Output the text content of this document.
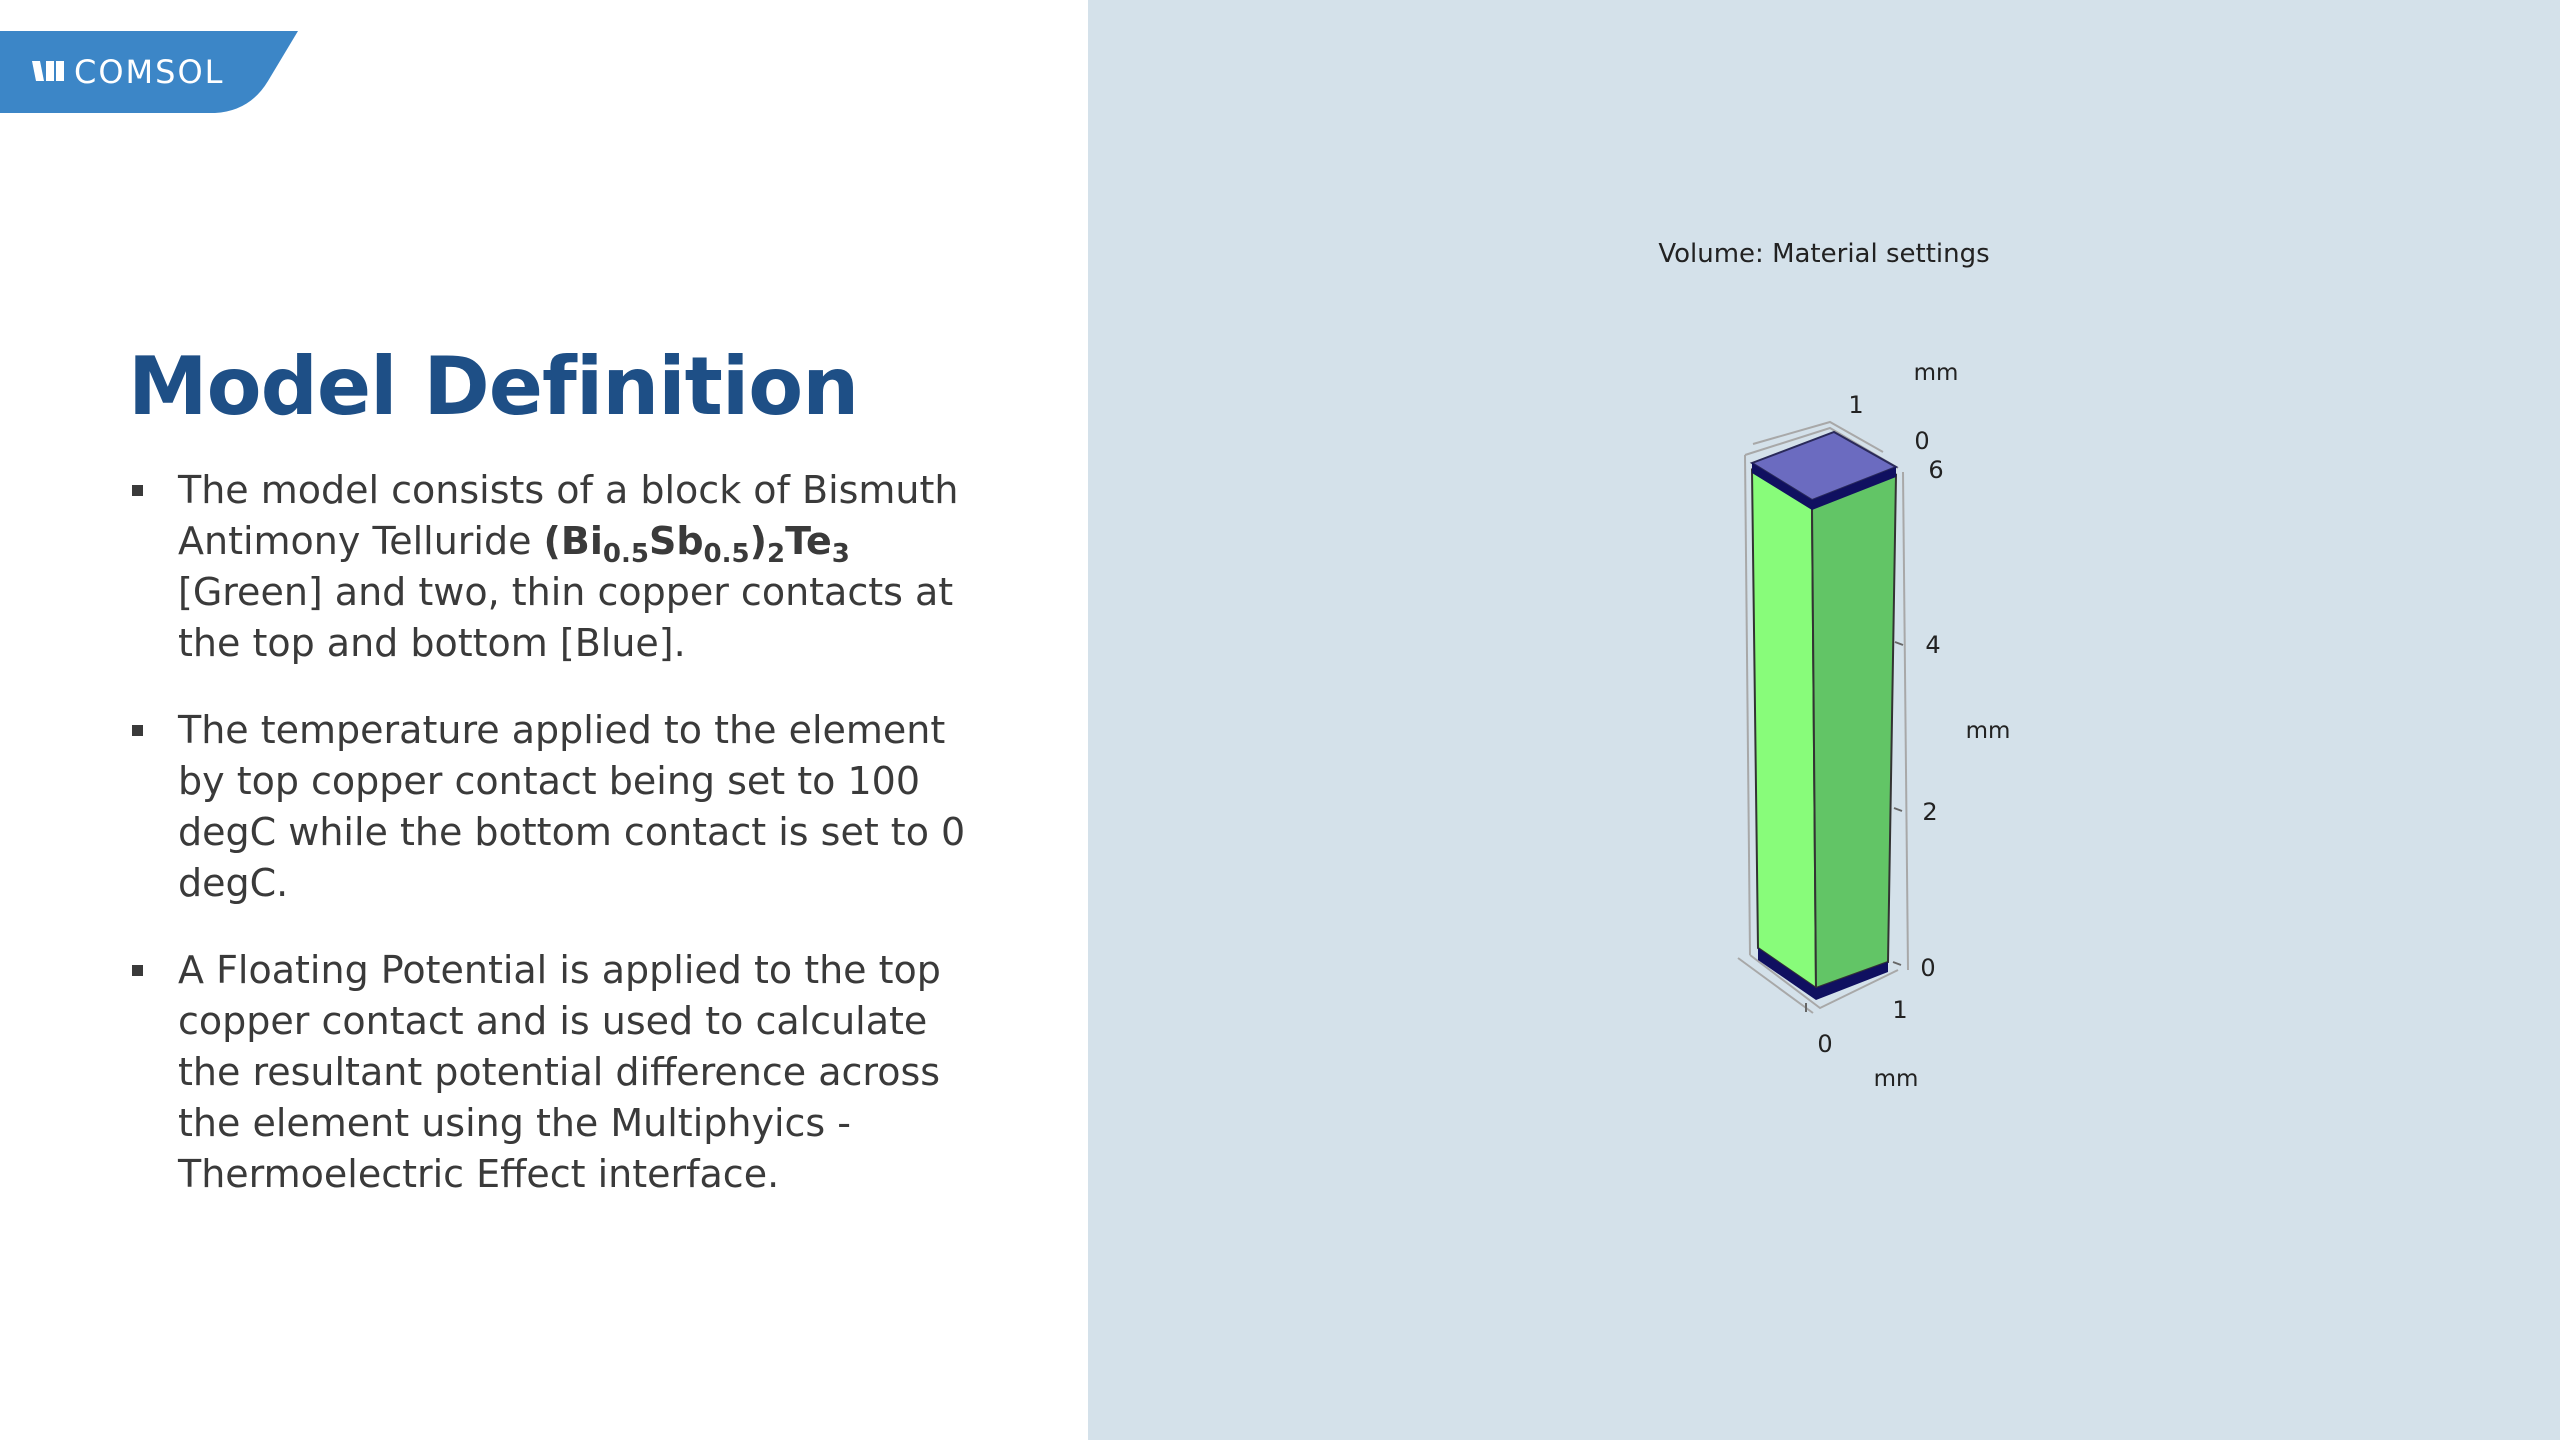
COMSOL
Model Definition
The model consists of a block of Bismuth Antimony Telluride $(Bi_{0.5}Sb_{0.5})_2Te_3$ [Green] and two, thin copper contacts at the top and bottom [Blue].
The temperature applied to the element by top copper contact being set to 100 degC while the bottom contact is set to 0 degC.
A Floating Potential is applied to the top copper contact and is used to calculate the resultant potential difference across the element using the Multiphyics - Thermoelectric Effect interface.
Volume: Material settings
mm
1
0
6
4
mm
2
0
1
0
mm
